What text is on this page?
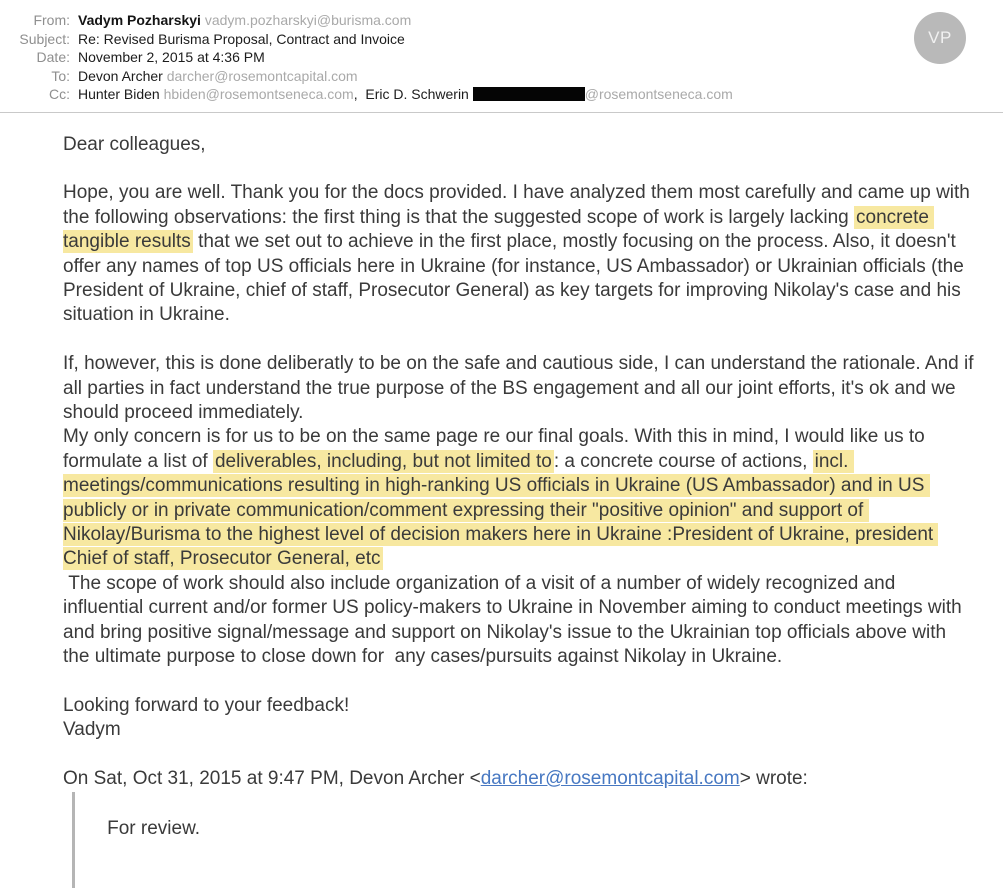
From: Vadym Pozharskyi vadym.pozharskyi@burisma.com
Subject: Re: Revised Burisma Proposal, Contract and Invoice
Date: November 2, 2015 at 4:36 PM
To: Devon Archer darcher@rosemontcapital.com
Cc: Hunter Biden hbiden@rosemontseneca.com,  Eric D. Schwerin	@rosemontseneca.com
VP

Dear colleagues,

Hope, you are well. Thank you for the docs provided. I have analyzed them most carefully and came up with the following observations: the first thing is that the suggested scope of work is largely lacking concrete tangible results that we set out to achieve in the first place, mostly focusing on the process. Also, it doesn't offer any names of top US officials here in Ukraine (for instance, US Ambassador) or Ukrainian officials (the President of Ukraine, chief of staff, Prosecutor General) as key targets for improving Nikolay's case and his situation in Ukraine.

If, however, this is done deliberatly to be on the safe and cautious side, I can understand the rationale. And if all parties in fact understand the true purpose of the BS engagement and all our joint efforts, it's ok and we should proceed immediately.
My only concern is for us to be on the same page re our final goals. With this in mind, I would like us to formulate a list of deliverables, including, but not limited to : a concrete course of actions, incl. meetings/communications resulting in high-ranking US officials in Ukraine (US Ambassador) and in US publicly or in private communication/comment expressing their "positive opinion" and support of Nikolay/Burisma to the highest level of decision makers here in Ukraine :President of Ukraine, president Chief of staff, Prosecutor General, etc
The scope of work should also include organization of a visit of a number of widely recognized and influential current and/or former US policy-makers to Ukraine in November aiming to conduct meetings with and bring positive signal/message and support on Nikolay's issue to the Ukrainian top officials above with the ultimate purpose to close down for  any cases/pursuits against Nikolay in Ukraine.

Looking forward to your feedback!
Vadym

On Sat, Oct 31, 2015 at 9:47 PM, Devon Archer <darcher@rosemontcapital.com> wrote:

For review.
